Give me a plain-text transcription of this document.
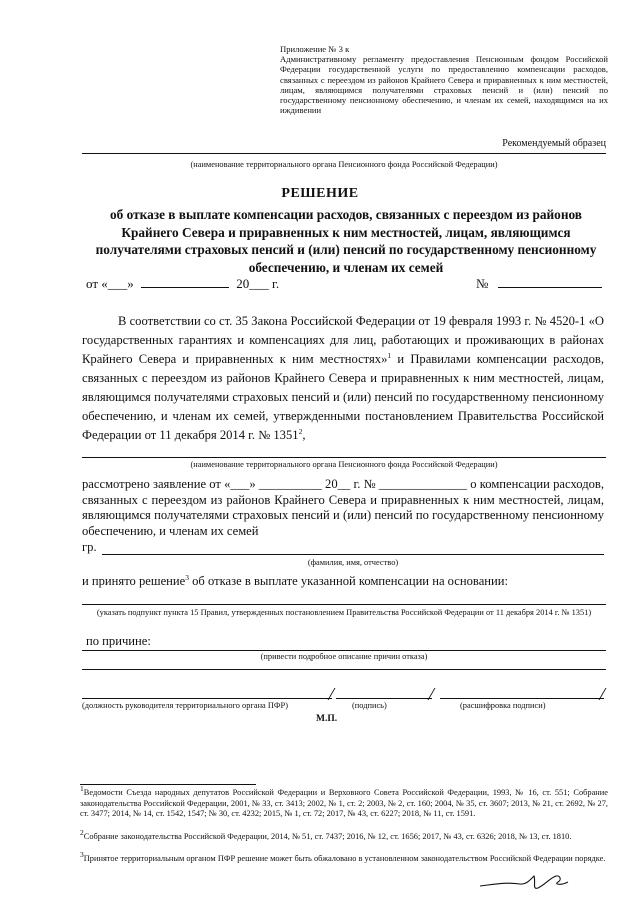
Приложение № 3 к
Административному регламенту предоставления Пенсионным фондом Российской Федерации государственной услуги по предоставлению компенсации расходов, связанных с переездом из районов Крайнего Севера и приравненных к ним местностей, лицам, являющимся получателями страховых пенсий и (или) пенсий по государственному пенсионному обеспечению, и членам их семей, находящимся на их иждивении
Рекомендуемый образец
(наименование территориального органа Пенсионного фонда Российской Федерации)
РЕШЕНИЕ
об отказе в выплате компенсации расходов, связанных с переездом из районов Крайнего Севера и приравненных к ним местностей, лицам, являющимся получателями страховых пенсий и (или) пенсий по государственному пенсионному обеспечению, и членам их семей
от «___»	20___ г.	№
В соответствии со ст. 35 Закона Российской Федерации от 19 февраля 1993 г. № 4520-1 «О государственных гарантиях и компенсациях для лиц, работающих и проживающих в районах Крайнего Севера и приравненных к ним местностях»$^1$ и Правилами компенсации расходов, связанных с переездом из районов Крайнего Севера и приравненных к ним местностей, лицам, являющимся получателями страховых пенсий и (или) пенсий по государственному пенсионному обеспечению, и членам их семей, утвержденными постановлением Правительства Российской Федерации от 11 декабря 2014 г. № 1351$^2$,
(наименование территориального органа Пенсионного фонда Российской Федерации)
рассмотрено заявление от «___» __________ 20__ г. № ______________ о компенсации расходов, связанных с переездом из районов Крайнего Севера и приравненных к ним местностей, лицам, являющимся получателями страховых пенсий и (или) пенсий по государственному пенсионному обеспечению, и членам их семей
гр.
(фамилия, имя, отчество)
и принято решение$^3$ об отказе в выплате указанной компенсации на основании:
(указать подпункт пункта 15 Правил, утвержденных постановлением Правительства Российской Федерации от 11 декабря 2014 г. № 1351)
по причине:
(привести подробное описание причин отказа)
(должность руководителя территориального органа ПФР)	(подпись)	(расшифровка подписи)
М.П.
$^1$Ведомости Съезда народных депутатов Российской Федерации и Верховного Совета Российской Федерации, 1993, № 16, ст. 551; Собрание законодательства Российской Федерации, 2001, № 33, ст. 3413; 2002, № 1, ст. 2; 2003, № 2, ст. 160; 2004, № 35, ст. 3607; 2013, № 21, ст. 2692, № 27, ст. 3477; 2014, № 14, ст. 1542, 1547; № 30, ст. 4232; 2015, № 1, ст. 72; 2017, № 43, ст. 6227; 2018, № 11, ст. 1591.
$^2$Собрание законодательства Российской Федерации, 2014, № 51, ст. 7437; 2016, № 12, ст. 1656; 2017, № 43, ст. 6326; 2018, № 13, ст. 1810.
$^3$Принятое территориальным органом ПФР решение может быть обжаловано в установленном законодательством Российской Федерации порядке.
